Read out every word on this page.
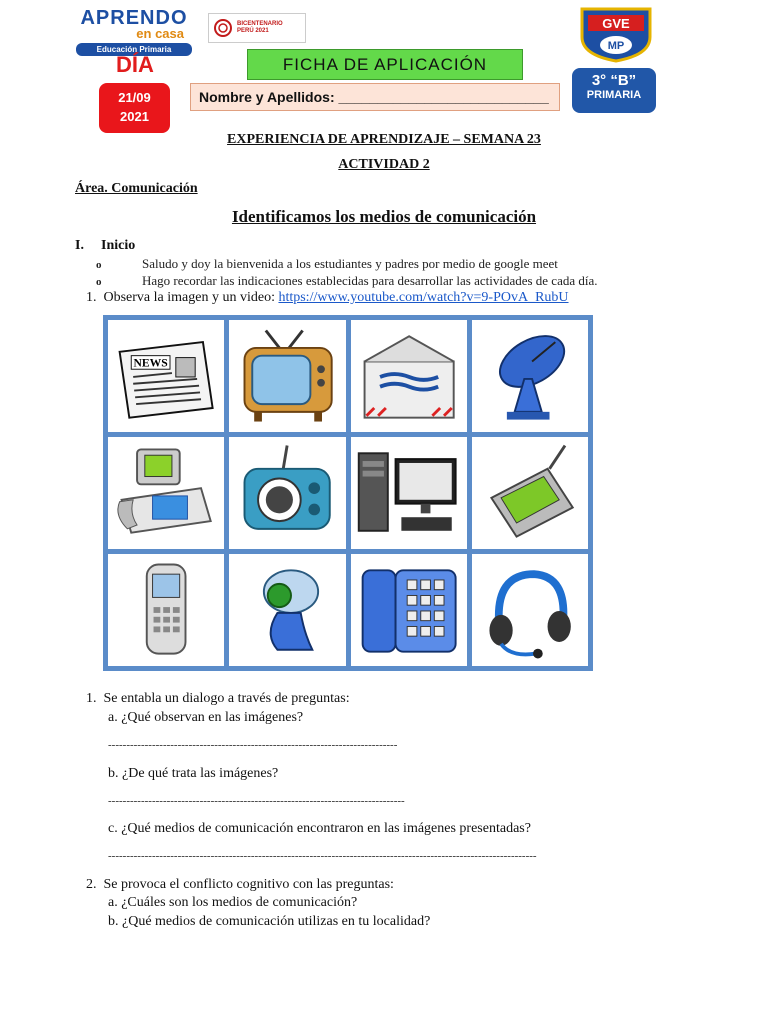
APRENDO
en casa
Educación Primaria
BICENTENARIO
PERÚ 2021
DÍA
21/09
2021
FICHA DE APLICACIÓN
Nombre y Apellidos: ___________________________
GVE
MP
3° “B”
PRIMARIA
EXPERIENCIA DE APRENDIZAJE – SEMANA 23
ACTIVIDAD 2
Área. Comunicación
Identificamos los medios de comunicación
I. Inicio
o	Saludo y doy la bienvenida a los estudiantes y padres por medio de google meet
o	Hago recordar las indicaciones establecidas para desarrollar las actividades de cada día.
1. Observa la imagen y un video: https://www.youtube.com/watch?v=9-POvA_RubU
NEWS
1. Se entabla un dialogo a través de preguntas:
a. ¿Qué observan en las imágenes?
-------------------------------------------------------------------------------
b. ¿De qué trata las imágenes?
---------------------------------------------------------------------------------
c. ¿Qué medios de comunicación encontraron en las imágenes presentadas?
---------------------------------------------------------------------------------------------------------------------
2. Se provoca el conflicto cognitivo con las preguntas:
a. ¿Cuáles son los medios de comunicación?
b. ¿Qué medios de comunicación utilizas en tu localidad?
